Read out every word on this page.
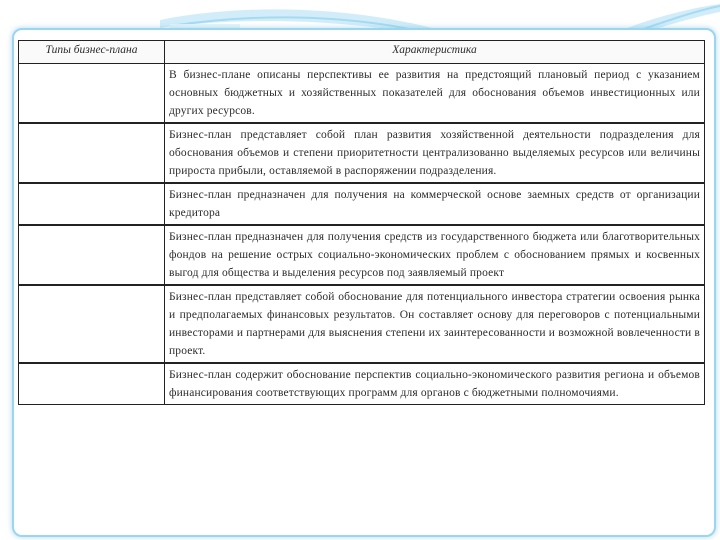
Типы бизнес-плана	Характеристика
	В бизнес-плане описаны перспективы ее развития на предстоящий плановый период с указанием основных бюджетных и хозяйственных показателей для обоснования объемов инвестиционных или других ресурсов.
	Бизнес-план представляет собой план развития хозяйственной деятельности подразделения для обоснования объемов и степени приоритетности централизованно выделяемых ресурсов или величины прироста прибыли, оставляемой в распоряжении подразделения.
	Бизнес-план предназначен для получения на коммерческой основе заемных средств от организации кредитора
	Бизнес-план предназначен для получения средств из государственного бюджета или благотворительных фондов на решение острых социально-экономических проблем с обоснованием прямых и косвенных выгод для общества и выделения ресурсов под заявляемый проект
	Бизнес-план представляет собой обоснование для потенциального инвестора стратегии освоения рынка и предполагаемых финансовых результатов. Он составляет основу для переговоров с потенциальными инвесторами и партнерами для выяснения степени их заинтересованности и возможной вовлеченности в проект.
	Бизнес-план содержит обоснование перспектив социально-экономического развития региона и объемов финансирования соответствующих программ для органов с бюджетными полномочиями.
